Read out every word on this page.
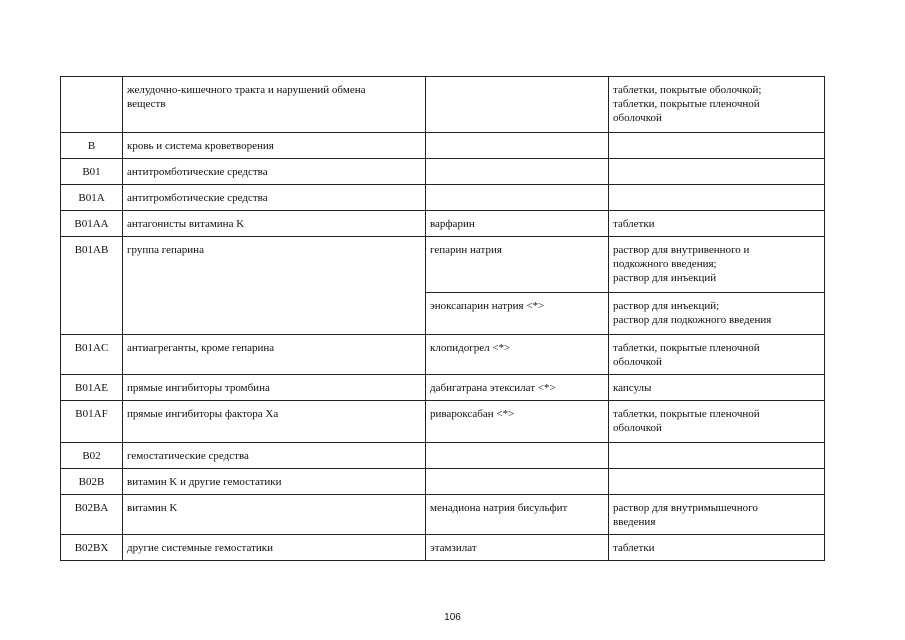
	желудочно-кишечного тракта и нарушений обмена
веществ		таблетки, покрытые оболочкой;
таблетки, покрытые пленочной
оболочкой
B	кровь и система кроветворения		
B01	антитромботические средства		
B01A	антитромботические средства		
B01AA	антагонисты витамина K	варфарин	таблетки
B01AB	группа гепарина	гепарин натрия	раствор для внутривенного и
подкожного введения;
раствор для инъекций
		эноксапарин натрия <*>	раствор для инъекций;
раствор для подкожного введения
B01AC	антиагреганты, кроме гепарина	клопидогрел <*>	таблетки, покрытые пленочной
оболочкой
B01AE	прямые ингибиторы тромбина	дабигатрана этексилат <*>	капсулы
B01AF	прямые ингибиторы фактора Xa	ривароксабан <*>	таблетки, покрытые пленочной
оболочкой
B02	гемостатические средства		
B02B	витамин K и другие гемостатики		
B02BA	витамин K	менадиона натрия бисульфит	раствор для внутримышечного
введения
B02BX	другие системные гемостатики	этамзилат	таблетки
106
